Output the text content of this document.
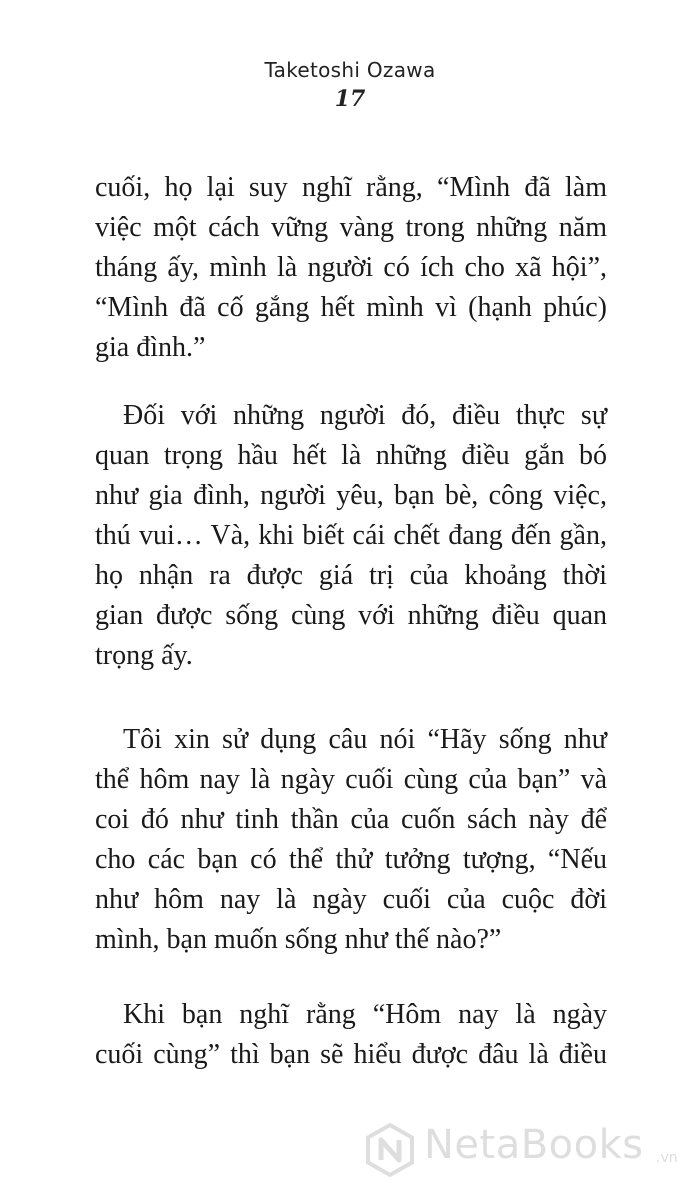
Taketoshi Ozawa
17
cuối, họ lại suy nghĩ rằng, “Mình đã làm
việc một cách vững vàng trong những năm
tháng ấy, mình là người có ích cho xã hội”,
“Mình đã cố gắng hết mình vì (hạnh phúc)
gia đình.”
Đối với những người đó, điều thực sự
quan trọng hầu hết là những điều gắn bó
như gia đình, người yêu, bạn bè, công việc,
thú vui… Và, khi biết cái chết đang đến gần,
họ nhận ra được giá trị của khoảng thời
gian được sống cùng với những điều quan
trọng ấy.
Tôi xin sử dụng câu nói “Hãy sống như
thể hôm nay là ngày cuối cùng của bạn” và
coi đó như tinh thần của cuốn sách này để
cho các bạn có thể thử tưởng tượng, “Nếu
như hôm nay là ngày cuối của cuộc đời
mình, bạn muốn sống như thế nào?”
Khi bạn nghĩ rằng “Hôm nay là ngày
cuối cùng” thì bạn sẽ hiểu được đâu là điều
NetaBooks .vn
